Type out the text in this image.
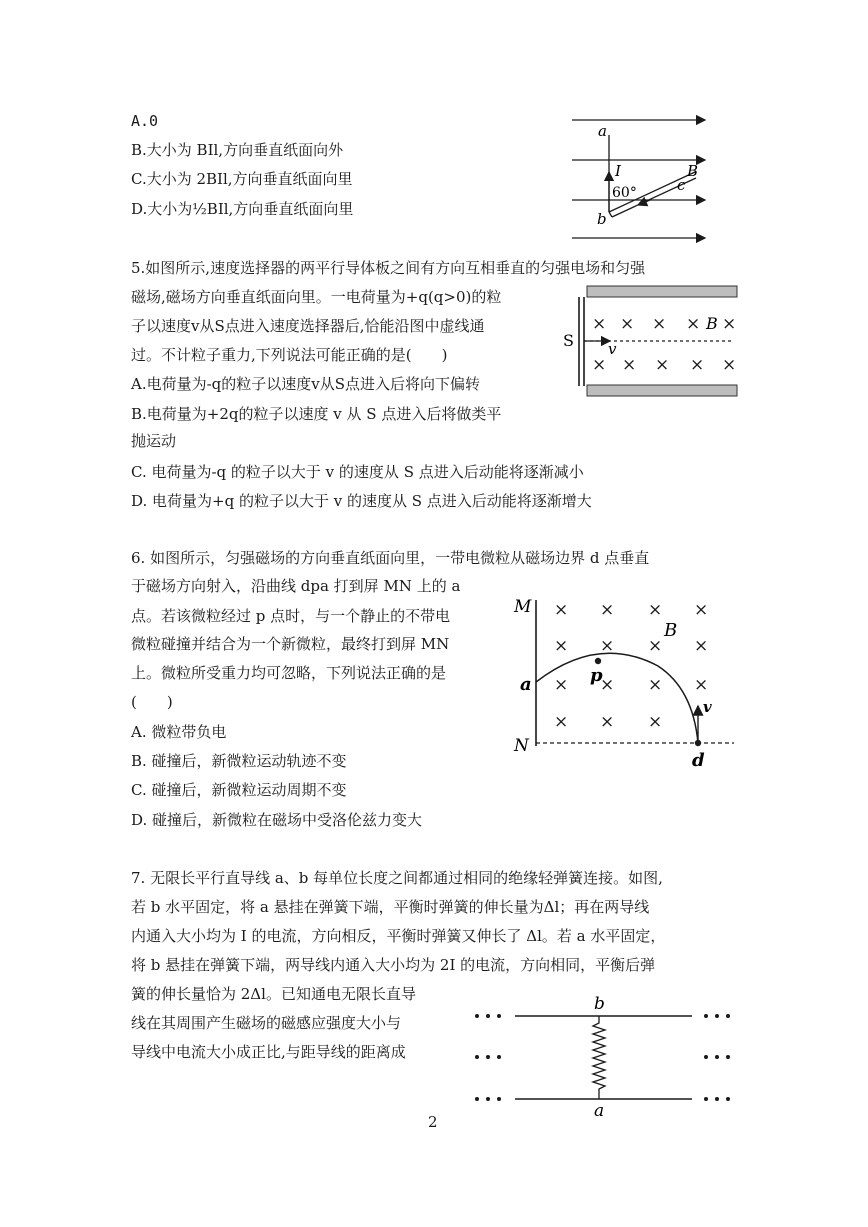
A.0
B.大小为 BIl,方向垂直纸面向外
C.大小为 2BIl,方向垂直纸面向里
D.大小为½BIl,方向垂直纸面向里
a
I
60°
b
c
B
5.如图所示,速度选择器的两平行导体板之间有方向互相垂直的匀强电场和匀强
磁场,磁场方向垂直纸面向里。一电荷量为+q(q>0)的粒
子以速度v从S点进入速度选择器后,恰能沿图中虚线通
过。不计粒子重力,下列说法可能正确的是(　　)
A.电荷量为-q的粒子以速度v从S点进入后将向下偏转
B.电荷量为+2q的粒子以速度 v 从 S 点进入后将做类平
抛运动
C. 电荷量为-q 的粒子以大于 v 的速度从 S 点进入后动能将逐渐减小
D. 电荷量为+q 的粒子以大于 v 的速度从 S 点进入后动能将逐渐增大
× × × × ×
× × × × ×
S v
B
6. 如图所示，匀强磁场的方向垂直纸面向里，一带电微粒从磁场边界 d 点垂直
于磁场方向射入，沿曲线 dpa 打到屏 MN 上的 a
点。若该微粒经过 p 点时，与一个静止的不带电
微粒碰撞并结合为一个新微粒，最终打到屏 MN
上。微粒所受重力均可忽略，下列说法正确的是
(　　)
A. 微粒带负电
B. 碰撞后，新微粒运动轨迹不变
C. 碰撞后，新微粒运动周期不变
D. 碰撞后，新微粒在磁场中受洛伦兹力变大
× × × ×
× × × ×
× × × ×
× × ×
M
N
a	p
d
v
B
7. 无限长平行直导线 a、b 每单位长度之间都通过相同的绝缘轻弹簧连接。如图,
若 b 水平固定，将 a 悬挂在弹簧下端，平衡时弹簧的伸长量为Δl；再在两导线
内通入大小均为 I 的电流，方向相反，平衡时弹簧又伸长了 Δl。若 a 水平固定，
将 b 悬挂在弹簧下端，两导线内通入大小均为 2I 的电流，方向相同，平衡后弹
簧的伸长量恰为 2Δl。已知通电无限长直导
线在其周围产生磁场的磁感应强度大小与
导线中电流大小成正比,与距导线的距离成
b
a
2
